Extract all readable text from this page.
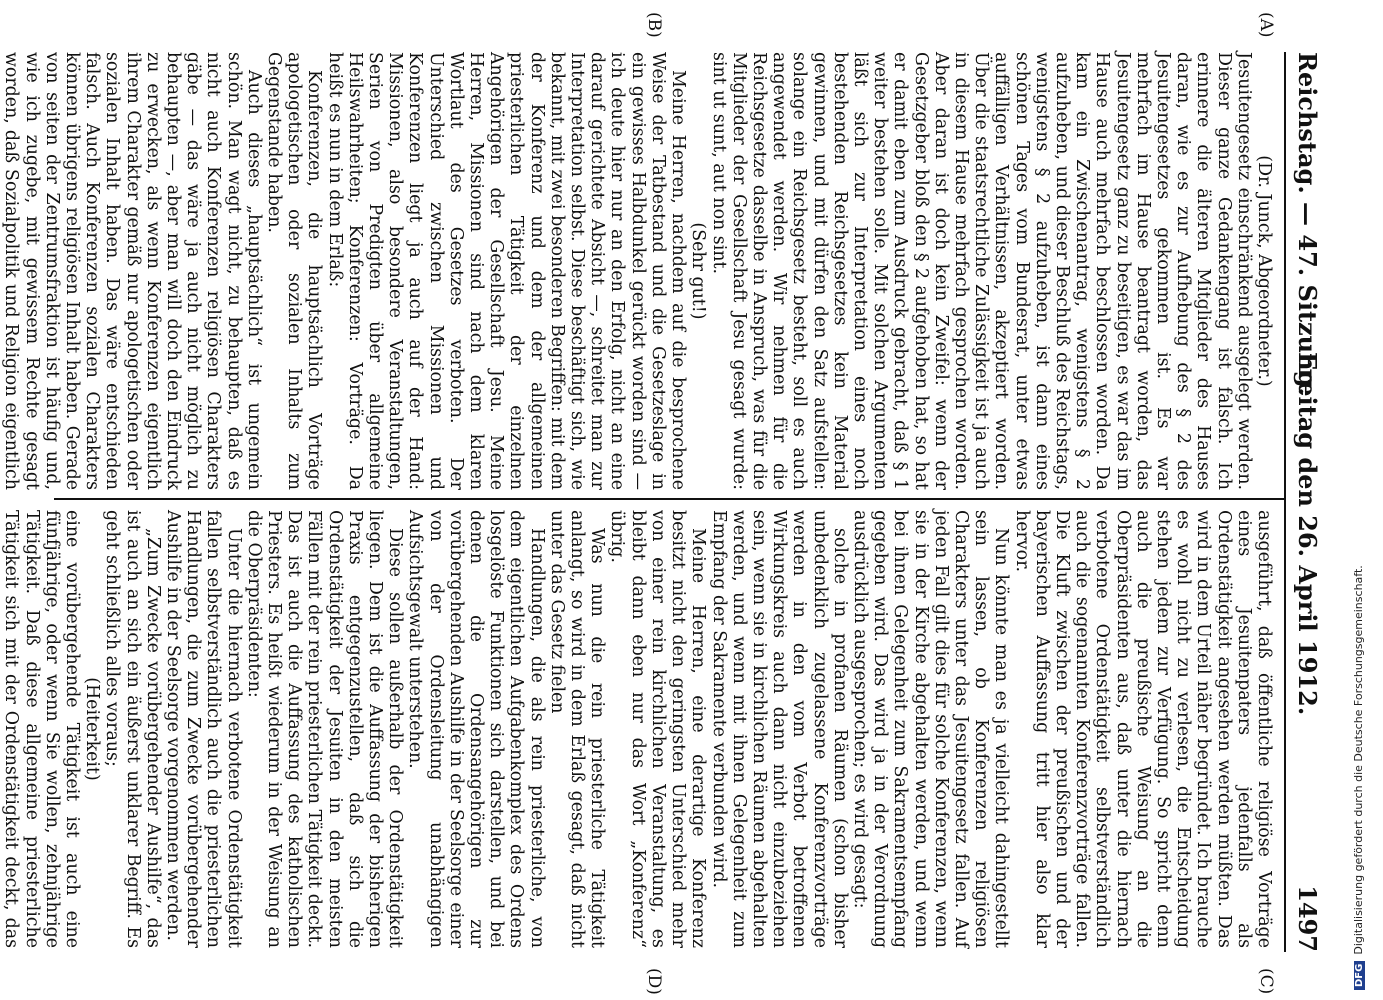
Reichstag. — 47. Sitzung.
Freitag den 26. April 1912.
1497
(A)
(B)
(C)
(D)

(Dr. Junck, Abgeordneter.)

Jesuitengesetz einschränkend ausgelegt werden. Dieser ganze Gedankengang ist falsch. Ich erinnere die älteren Mitglieder des Hauses daran, wie es zur Aufhebung des § 2 des Jesuitengesetzes gekommen ist. Es war mehrfach im Hause beantragt worden, das Jesuitengesetz ganz zu beseitigen, es war das im Hause auch mehrfach beschlossen worden. Da kam ein Zwischenantrag, wenigstens § 2 aufzuheben, und dieser Beschluß des Reichstags, wenigstens § 2 aufzuheben, ist dann eines schönen Tages vom Bundesrat, unter etwas auffälligen Verhältnissen, akzeptiert worden. Über die staatsrechtliche Zulässigkeit ist ja auch in diesem Hause mehrfach gesprochen worden. Aber daran ist doch kein Zweifel: wenn der Gesetzgeber bloß den § 2 aufgehoben hat, so hat er damit eben zum Ausdruck gebracht, daß § 1 weiter bestehen solle. Mit solchen Argumenten läßt sich zur Interpretation eines noch bestehenden Reichsgesetzes kein Material gewinnen, und mit dürfen den Satz aufstellen: solange ein Reichsgesetz besteht, soll es auch angewendet werden. Wir nehmen für die Reichsgesetze dasselbe in Anspruch, was für die Mitglieder der Gesellschaft Jesu gesagt wurde: sint ut sunt, aut non sint.

(Sehr gut!)

Meine Herren, nachdem auf die besprochene Weise der Tatbestand und die Gesetzeslage in ein gewisses Halbdunkel gerückt worden sind — ich deute hier nur an den Erfolg, nicht an eine darauf gerichtete Absicht —, schreitet man zur Interpretation selbst. Diese beschäftigt sich, wie bekannt, mit zwei besonderen Begriffen: mit dem der Konferenz und dem der allgemeinen priesterlichen Tätigkeit der einzelnen Angehörigen der Gesellschaft Jesu. Meine Herren, Missionen sind nach dem klaren Wortlaut des Gesetzes verboten. Der Unterschied zwischen Missionen und Konferenzen liegt ja auch auf der Hand: Missionen, also besondere Veranstaltungen, Serien von Predigten über allgemeine Heilswahrheiten; Konferenzen: Vorträge. Da heißt es nun in dem Erlaß:

Konferenzen, die hauptsächlich Vorträge apologetischen oder sozialen Inhalts zum Gegenstande haben.

Auch dieses „hauptsächlich“ ist ungemein schön. Man wagt nicht, zu behaupten, daß es nicht auch Konferenzen religiösen Charakters gäbe — das wäre ja auch nicht möglich zu behaupten —, aber man will doch den Eindruck zu erwecken, als wenn Konferenzen eigentlich ihrem Charakter gemäß nur apologetischen oder sozialen Inhalt haben. Das wäre entschieden falsch. Auch Konferenzen sozialen Charakters können übrigens religiösen Inhalt haben. Gerade von seiten der Zentrumsfraktion ist häufig und, wie ich zugebe, mit gewissem Rechte gesagt worden, daß Sozialpolitik und Religion eigentlich

ausgeführt, daß öffentliche religiöse Vorträge eines Jesuitenpaters jedenfalls als Ordenstätigkeit angesehen werden müßten. Das wird in dem Urteil näher begründet. Ich brauche es wohl nicht zu verlesen, die Entscheidung stehen jedem zur Verfügung. So spricht denn auch die preußische Weisung an die Oberpräsidenten aus, daß unter die hiernach verbotene Ordenstätigkeit selbstverständlich auch die sogenannten Konferenzvorträge fallen. Die Kluft zwischen der preußischen und der bayerischen Auffassung tritt hier also klar hervor.

Nun könnte man es ja vielleicht dahingestellt sein lassen, ob Konferenzen religiösen Charakters unter das Jesuitengesetz fallen. Auf jeden Fall gilt dies für solche Konferenzen, wenn sie in der Kirche abgehalten werden, und wenn bei ihnen Gelegenheit zum Sakramentsempfang gegeben wird. Das wird ja in der Verordnung ausdrücklich ausgesprochen; es wird gesagt:

solche in profanen Räumen (schon bisher unbedenklich zugelassene Konferenzvorträge werden in den vom Verbot betroffenen Wirkungskreis auch dann nicht einzubeziehen sein, wenn sie in kirchlichen Räumen abgehalten werden, und wenn mit ihnen Gelegenheit zum Empfang der Sakramente verbunden wird.

Meine Herren, eine derartige Konferenz besitzt nicht den geringsten Unterschied mehr von einer rein kirchlichen Veranstaltung, es bleibt dann eben nur das Wort „Konferenz“ übrig.

Was nun die rein priesterliche Tätigkeit anlangt, so wird in dem Erlaß gesagt, daß nicht unter das Gesetz fielen

Handlungen, die als rein priesterliche, von dem eigentlichen Aufgabenkomplex des Ordens losgelöste Funktionen sich darstellen, und bei denen die Ordensangehörigen zur vorübergehenden Aushilfe in der Seelsorge einer von der Ordensleitung unabhängigen Aufsichtsgewalt unterstehen.

Diese sollen außerhalb der Ordenstätigkeit liegen. Dem ist die Auffassung der bisherigen Praxis entgegenzustellen, daß sich die Ordenstätigkeit der Jesuiten in den meisten Fällen mit der rein priesterlichen Tätigkeit deckt. Das ist auch die Auffassung des katholischen Priesters. Es heißt wiederum in der Weisung an die Oberpräsidenten:

Unter die hiernach verbotene Ordenstätigkeit fallen selbstverständlich auch die priesterlichen Handlungen, die zum Zwecke vorübergehender Aushilfe in der Seelsorge vorgenommen werden.

„Zum Zwecke vorübergehender Aushilfe“, das ist auch an sich ein äußerst unklarer Begriff. Es geht schließlich alles voraus;

(Heiterkeit)

eine vorübergehende Tätigkeit ist auch eine fünfjährige, oder wenn Sie wollen, zehnjährige Tätigkeit. Daß diese allgemeine priesterliche Tätigkeit sich mit der Ordenstätigkeit deckt, das

DFGDigitalisierung gefördert durch die Deutsche Forschungsgemeinschaft.
